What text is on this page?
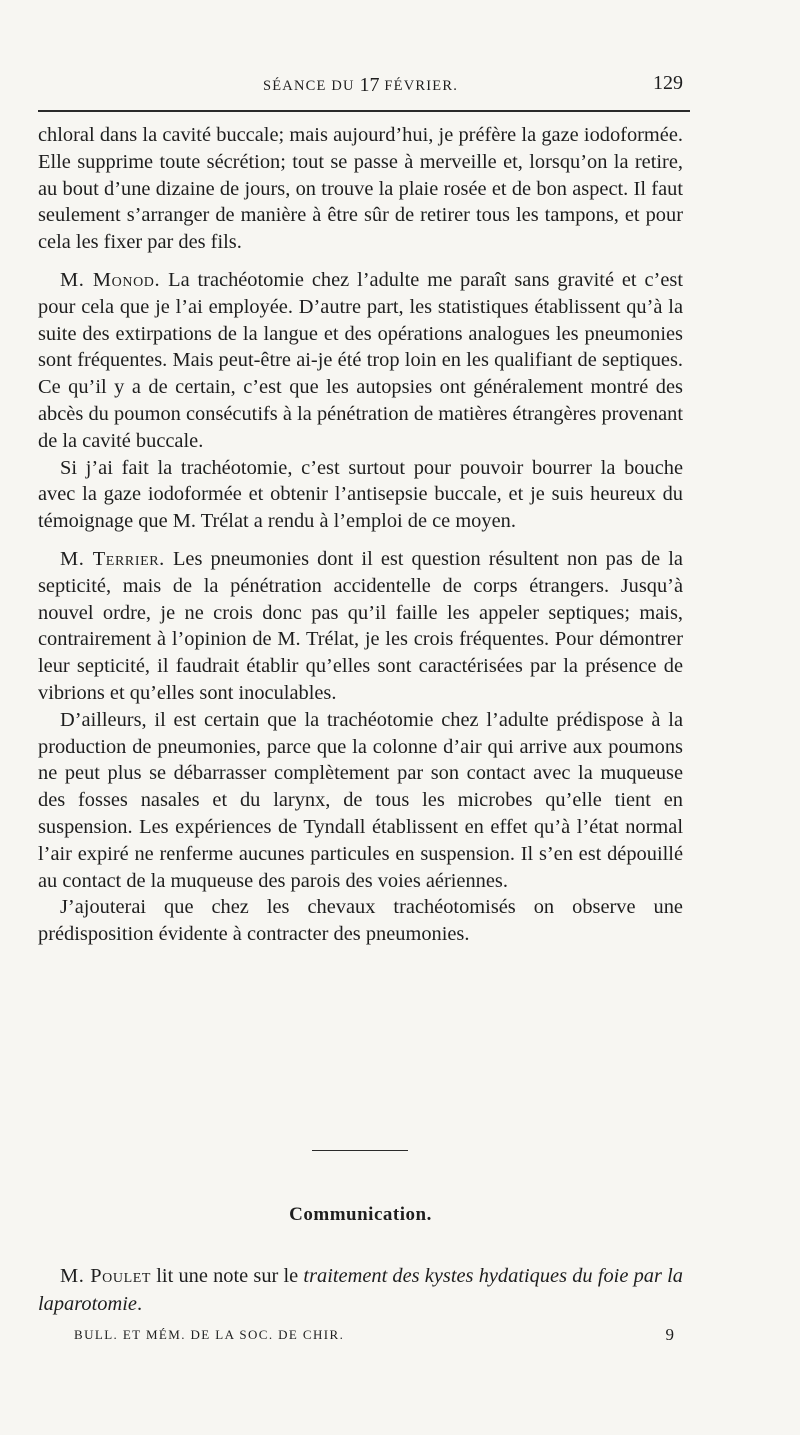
SÉANCE DU 17 FÉVRIER.	129

chloral dans la cavité buccale; mais aujourd’hui, je préfère la gaze iodoformée. Elle supprime toute sécrétion; tout se passe à merveille et, lorsqu’on la retire, au bout d’une dizaine de jours, on trouve la plaie rosée et de bon aspect. Il faut seulement s’arranger de manière à être sûr de retirer tous les tampons, et pour cela les fixer par des fils.

M. Monod. La trachéotomie chez l’adulte me paraît sans gravité et c’est pour cela que je l’ai employée. D’autre part, les statistiques établissent qu’à la suite des extirpations de la langue et des opérations analogues les pneumonies sont fréquentes. Mais peut-être ai-je été trop loin en les qualifiant de septiques. Ce qu’il y a de certain, c’est que les autopsies ont généralement montré des abcès du poumon consécutifs à la pénétration de matières étrangères provenant de la cavité buccale.

Si j’ai fait la trachéotomie, c’est surtout pour pouvoir bourrer la bouche avec la gaze iodoformée et obtenir l’antisepsie buccale, et je suis heureux du témoignage que M. Trélat a rendu à l’emploi de ce moyen.

M. Terrier. Les pneumonies dont il est question résultent non pas de la septicité, mais de la pénétration accidentelle de corps étrangers. Jusqu’à nouvel ordre, je ne crois donc pas qu’il faille les appeler septiques; mais, contrairement à l’opinion de M. Trélat, je les crois fréquentes. Pour démontrer leur septicité, il faudrait établir qu’elles sont caractérisées par la présence de vibrions et qu’elles sont inoculables.

D’ailleurs, il est certain que la trachéotomie chez l’adulte prédispose à la production de pneumonies, parce que la colonne d’air qui arrive aux poumons ne peut plus se débarrasser complètement par son contact avec la muqueuse des fosses nasales et du larynx, de tous les microbes qu’elle tient en suspension. Les expériences de Tyndall établissent en effet qu’à l’état normal l’air expiré ne renferme aucunes particules en suspension. Il s’en est dépouillé au contact de la muqueuse des parois des voies aériennes.

J’ajouterai que chez les chevaux trachéotomisés on observe une prédisposition évidente à contracter des pneumonies.

Communication.

M. Poulet lit une note sur le traitement des kystes hydatiques du foie par la laparotomie.

BULL. ET MÉM. DE LA SOC. DE CHIR.	9
